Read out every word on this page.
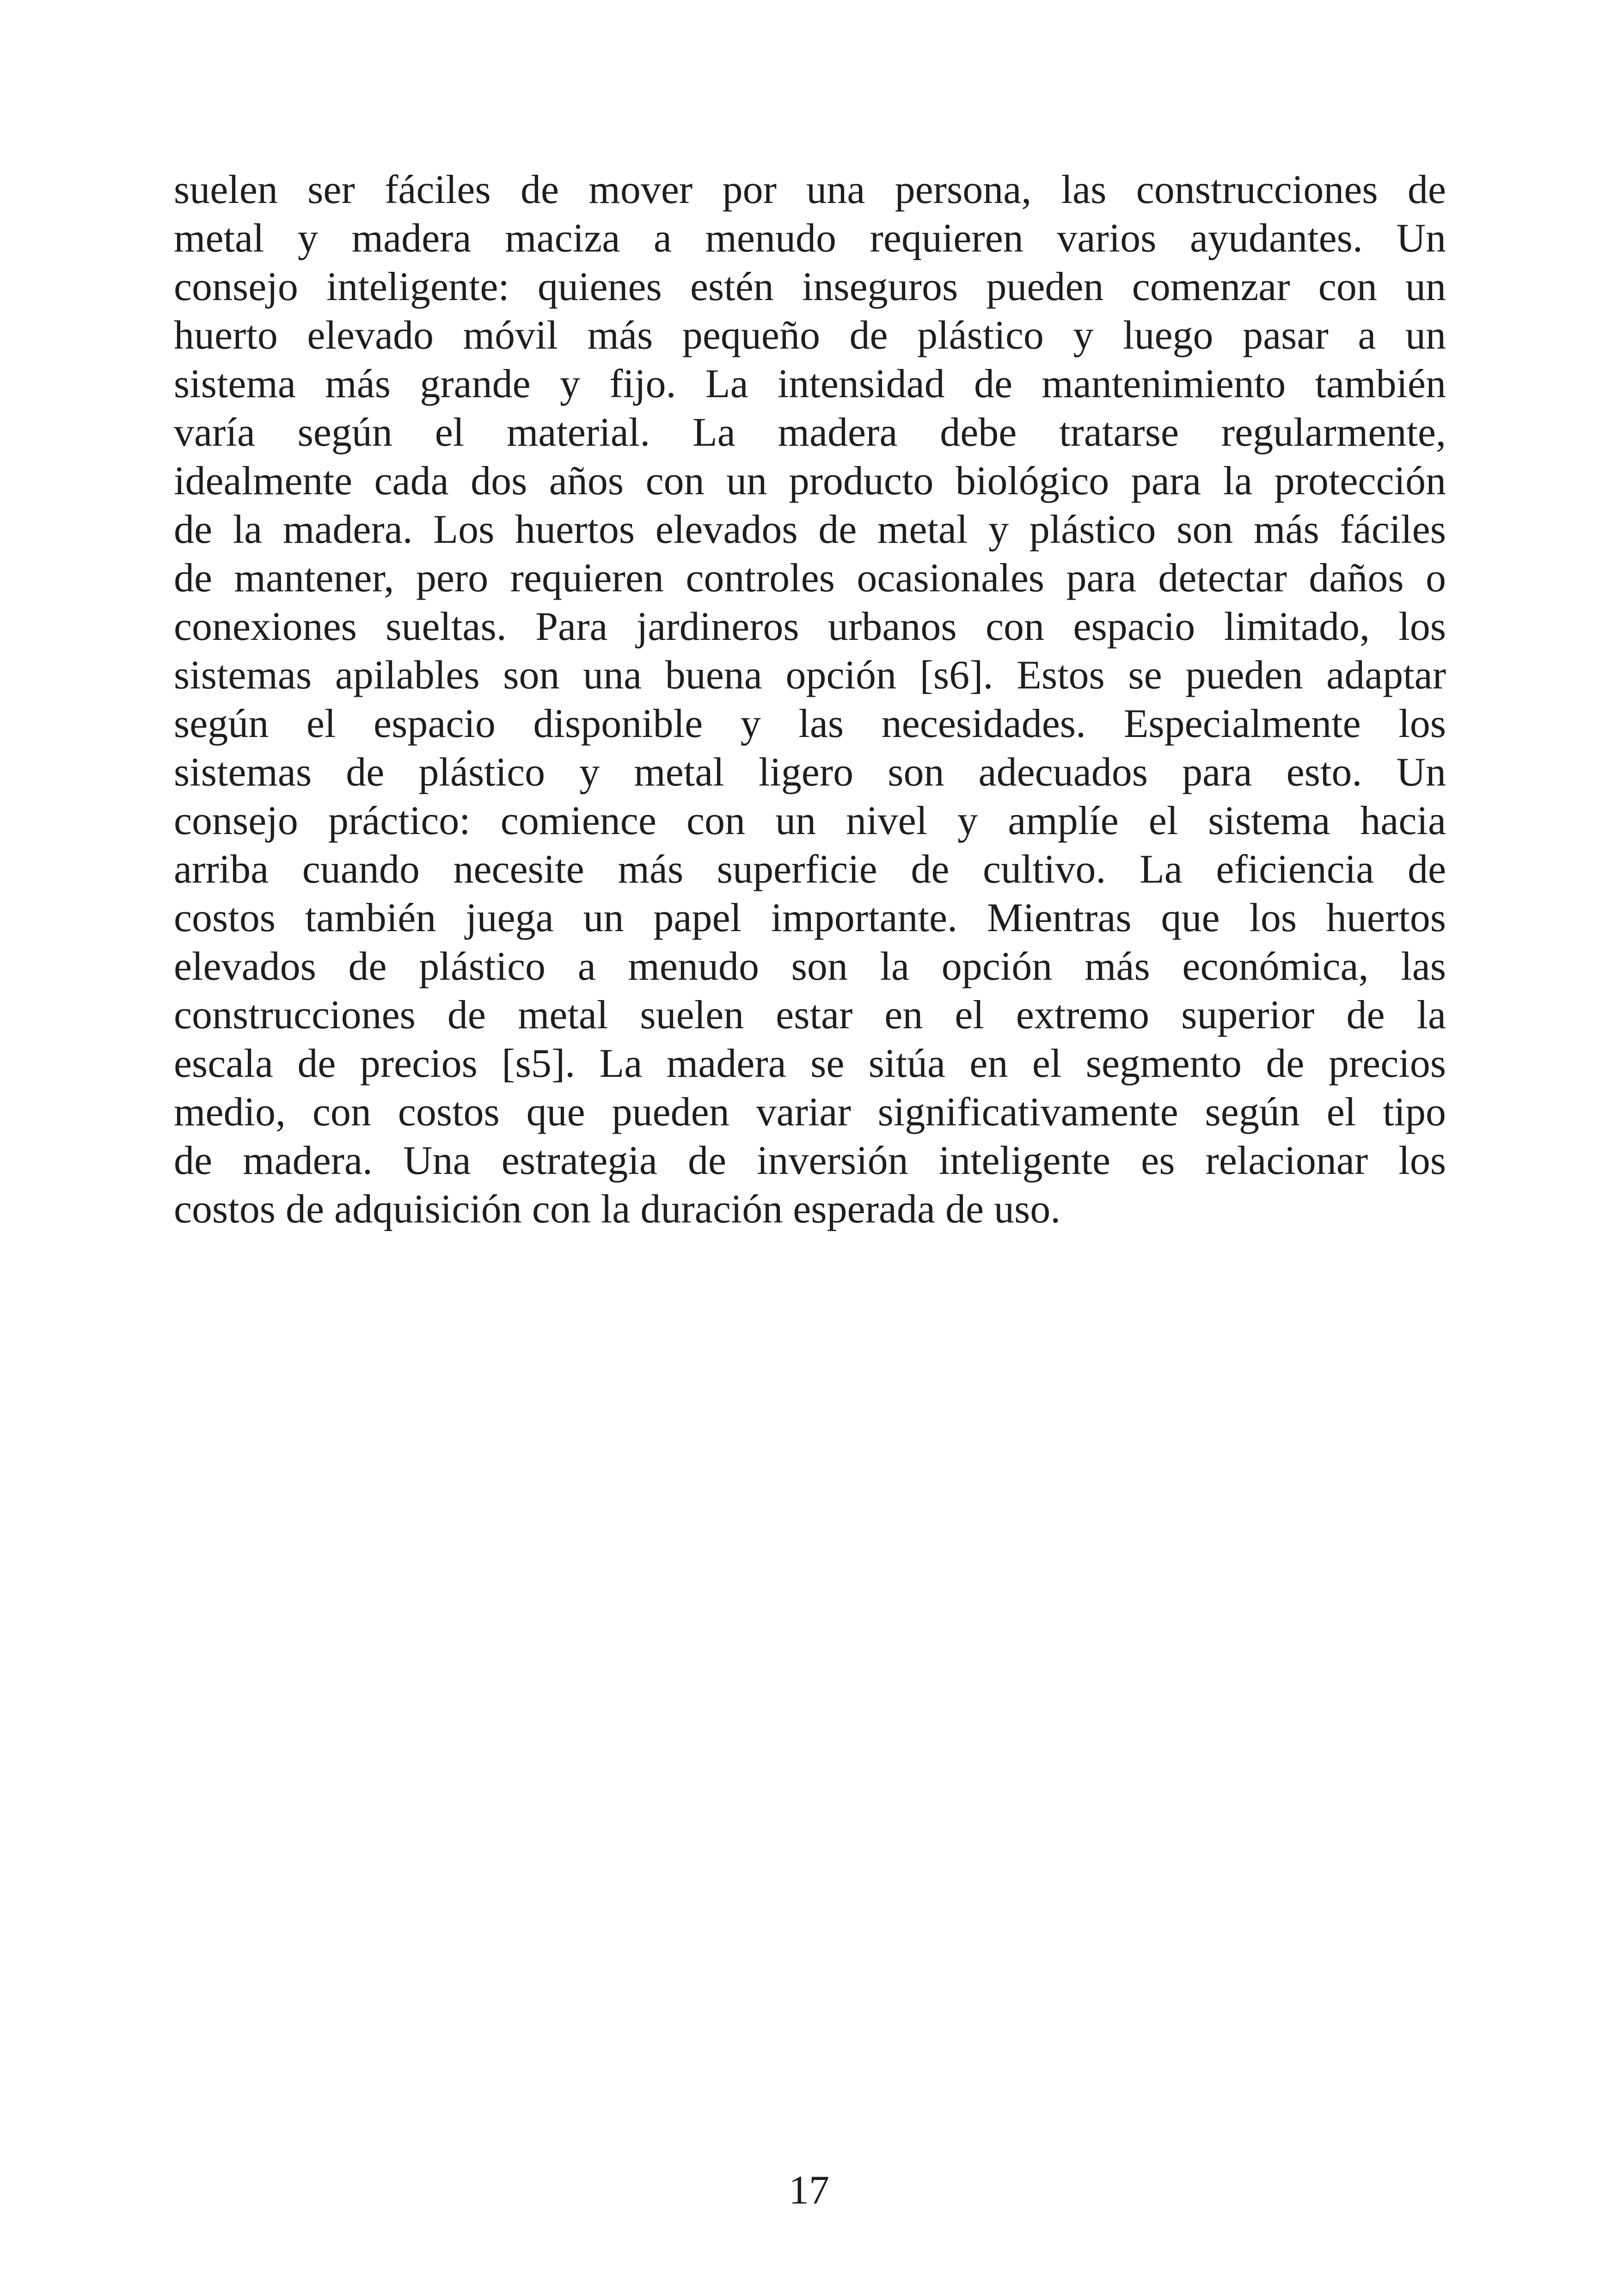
suelen ser fáciles de mover por una persona, las construcciones de
metal y madera maciza a menudo requieren varios ayudantes. Un
consejo inteligente: quienes estén inseguros pueden comenzar con un
huerto elevado móvil más pequeño de plástico y luego pasar a un
sistema más grande y fijo. La intensidad de mantenimiento también
varía según el material. La madera debe tratarse regularmente,
idealmente cada dos años con un producto biológico para la protección
de la madera. Los huertos elevados de metal y plástico son más fáciles
de mantener, pero requieren controles ocasionales para detectar daños o
conexiones sueltas. Para jardineros urbanos con espacio limitado, los
sistemas apilables son una buena opción [s6]. Estos se pueden adaptar
según el espacio disponible y las necesidades. Especialmente los
sistemas de plástico y metal ligero son adecuados para esto. Un
consejo práctico: comience con un nivel y amplíe el sistema hacia
arriba cuando necesite más superficie de cultivo. La eficiencia de
costos también juega un papel importante. Mientras que los huertos
elevados de plástico a menudo son la opción más económica, las
construcciones de metal suelen estar en el extremo superior de la
escala de precios [s5]. La madera se sitúa en el segmento de precios
medio, con costos que pueden variar significativamente según el tipo
de madera. Una estrategia de inversión inteligente es relacionar los
costos de adquisición con la duración esperada de uso.
17
